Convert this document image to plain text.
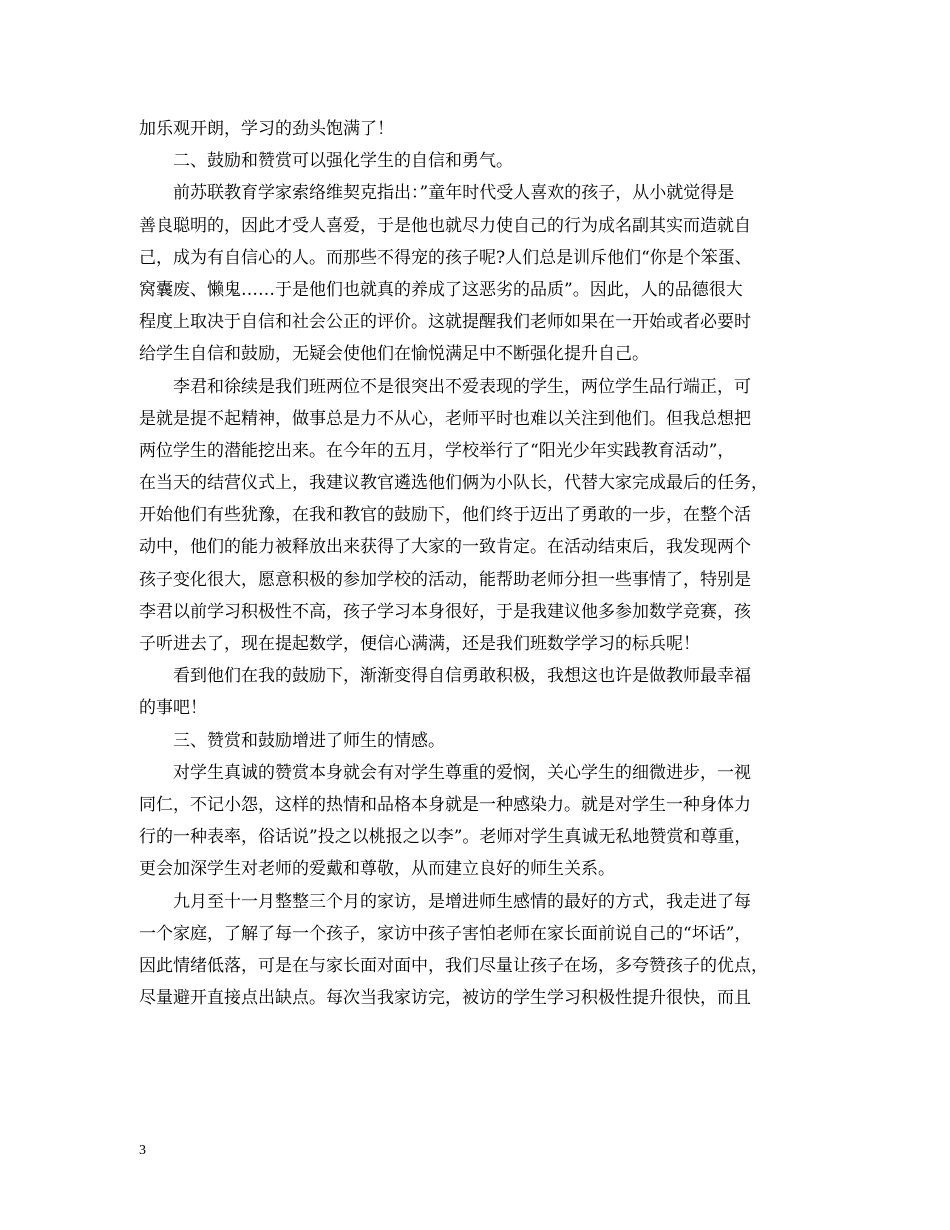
加乐观开朗，学习的劲头饱满了！
二、鼓励和赞赏可以强化学生的自信和勇气。
前苏联教育学家索络维契克指出：”童年时代受人喜欢的孩子，从小就觉得是
善良聪明的，因此才受人喜爱，于是他也就尽力使自己的行为成名副其实而造就自
己，成为有自信心的人。而那些不得宠的孩子呢?人们总是训斥他们“你是个笨蛋、
窝囊废、懒鬼……于是他们也就真的养成了这恶劣的品质”。因此，人的品德很大
程度上取决于自信和社会公正的评价。这就提醒我们老师如果在一开始或者必要时
给学生自信和鼓励，无疑会使他们在愉悦满足中不断强化提升自己。
李君和徐续是我们班两位不是很突出不爱表现的学生，两位学生品行端正，可
是就是提不起精神，做事总是力不从心，老师平时也难以关注到他们。但我总想把
两位学生的潜能挖出来。在今年的五月，学校举行了“阳光少年实践教育活动”，
在当天的结营仪式上，我建议教官遴选他们俩为小队长，代替大家完成最后的任务，
开始他们有些犹豫，在我和教官的鼓励下，他们终于迈出了勇敢的一步，在整个活
动中，他们的能力被释放出来获得了大家的一致肯定。在活动结束后，我发现两个
孩子变化很大，愿意积极的参加学校的活动，能帮助老师分担一些事情了，特别是
李君以前学习积极性不高，孩子学习本身很好，于是我建议他多参加数学竞赛，孩
子听进去了，现在提起数学，便信心满满，还是我们班数学学习的标兵呢！
看到他们在我的鼓励下，渐渐变得自信勇敢积极，我想这也许是做教师最幸福
的事吧！
三、赞赏和鼓励增进了师生的情感。
对学生真诚的赞赏本身就会有对学生尊重的爱悯，关心学生的细微进步，一视
同仁，不记小怨，这样的热情和品格本身就是一种感染力。就是对学生一种身体力
行的一种表率，俗话说”投之以桃报之以李”。老师对学生真诚无私地赞赏和尊重，
更会加深学生对老师的爱戴和尊敬，从而建立良好的师生关系。
九月至十一月整整三个月的家访，是增进师生感情的最好的方式，我走进了每
一个家庭，了解了每一个孩子，家访中孩子害怕老师在家长面前说自己的“坏话”，
因此情绪低落，可是在与家长面对面中，我们尽量让孩子在场，多夸赞孩子的优点，
尽量避开直接点出缺点。每次当我家访完，被访的学生学习积极性提升很快，而且
3
